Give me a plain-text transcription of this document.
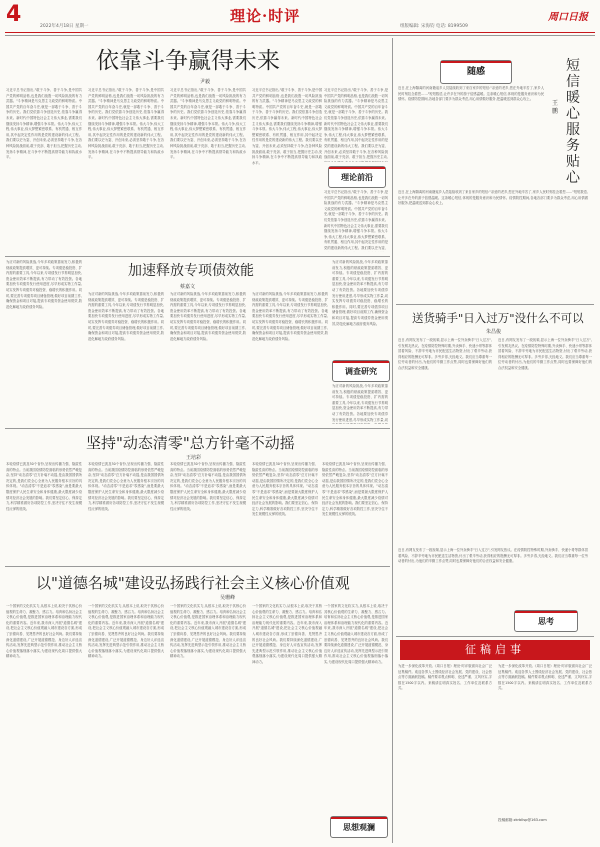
4	理论·时评
2022年4月18日 星期一	组版编辑: 宋海钧 电话: 8199509
周口日报
依靠斗争赢得未来
尹毅
习近平总书记指出,"敢于斗争、善于斗争,是中国共产党的鲜明品格,也是我们战胜一切风险挑战的有力武器。"斗争精神是马克思主义政党的鲜明特质。中国共产党的百年奋斗史,就是一部敢于斗争、善于斗争的历史。我们党依靠斗争创造历史,依靠斗争赢得未来。新时代中国特色社会主义伟大事业,需要我们继续发扬斗争精神,增强斗争本领。伟大斗争,伟大工程,伟大事业,伟大梦想紧密联系、有机贯通、相互作用,其中起决定性作用的是党的建设新的伟大工程。我们要以史为鉴、开创未来,必须坚持敢于斗争,在各种风险挑战面前,敢于亮剑、敢于担当,把握历史主动,发扬斗争精神,在斗争中不断提高领导能力和执政水平。
习近平总书记指出,"敢于斗争、善于斗争,是中国共产党的鲜明品格,也是我们战胜一切风险挑战的有力武器。"斗争精神是马克思主义政党的鲜明特质。中国共产党的百年奋斗史,就是一部敢于斗争、善于斗争的历史。我们党依靠斗争创造历史,依靠斗争赢得未来。新时代中国特色社会主义伟大事业,需要我们继续发扬斗争精神,增强斗争本领。伟大斗争,伟大工程,伟大事业,伟大梦想紧密联系、有机贯通、相互作用,其中起决定性作用的是党的建设新的伟大工程。我们要以史为鉴、开创未来,必须坚持敢于斗争,在各种风险挑战面前,敢于亮剑、敢于担当,把握历史主动,发扬斗争精神,在斗争中不断提高领导能力和执政水平。
习近平总书记指出,"敢于斗争、善于斗争,是中国共产党的鲜明品格,也是我们战胜一切风险挑战的有力武器。"斗争精神是马克思主义政党的鲜明特质。中国共产党的百年奋斗史,就是一部敢于斗争、善于斗争的历史。我们党依靠斗争创造历史,依靠斗争赢得未来。新时代中国特色社会主义伟大事业,需要我们继续发扬斗争精神,增强斗争本领。伟大斗争,伟大工程,伟大事业,伟大梦想紧密联系、有机贯通、相互作用,其中起决定性作用的是党的建设新的伟大工程。我们要以史为鉴、开创未来,必须坚持敢于斗争,在各种风险挑战面前,敢于亮剑、敢于担当,把握历史主动,发扬斗争精神,在斗争中不断提高领导能力和执政水平。
习近平总书记指出,"敢于斗争、善于斗争,是中国共产党的鲜明品格,也是我们战胜一切风险挑战的有力武器。"斗争精神是马克思主义政党的鲜明特质。中国共产党的百年奋斗史,就是一部敢于斗争、善于斗争的历史。我们党依靠斗争创造历史,依靠斗争赢得未来。新时代中国特色社会主义伟大事业,需要我们继续发扬斗争精神,增强斗争本领。伟大斗争,伟大工程,伟大事业,伟大梦想紧密联系、有机贯通、相互作用,其中起决定性作用的是党的建设新的伟大工程。我们要以史为鉴、开创未来,必须坚持敢于斗争,在各种风险挑战面前,敢于亮剑、敢于担当,把握历史主动,发扬斗争精神,在斗争中不断提高领导能力和执政水平。
习近平总书记指出,"敢于斗争、善于斗争,是中国共产党的鲜明品格,也是我们战胜一切风险挑战的有力武器。"斗争精神是马克思主义政党的鲜明特质。中国共产党的百年奋斗史,就是一部敢于斗争、善于斗争的历史。我们党依靠斗争创造历史,依靠斗争赢得未来。新时代中国特色社会主义伟大事业,需要我们继续发扬斗争精神,增强斗争本领。伟大斗争,伟大工程,伟大事业,伟大梦想紧密联系、有机贯通、相互作用,其中起决定性作用的是党的建设新的伟大工程。我们要以史为鉴、开创未来,必须坚持敢于斗争,在各种风险挑战面前,敢于亮剑、敢于担当,把握历史主动,
理论前沿
习近平总书记指出,"敢于斗争、善于斗争,是中国共产党的鲜明品格,也是我们战胜一切风险挑战的有力武器。"斗争精神是马克思主义政党的鲜明特质。中国共产党的百年奋斗史,就是一部敢于斗争、善于斗争的历史。我们党依靠斗争创造历史,依靠斗争赢得未来。新时代中国特色社会主义伟大事业,需要我们继续发扬斗争精神,增强斗争本领。伟大斗争,伟大工程,伟大事业,伟大梦想紧密联系、有机贯通、相互作用,其中起决定性作用的是党的建设新的伟大工程。我们要以史为鉴、
为应对新的风险挑战,今年多项政策靠前发力,积极的财政政策提质增效、更可持续。专项债是稳投资、扩内需的重要工具,今年以来,专项债发行节奏明显加快,资金使用效率不断提高,有力带动了有效投资。各地要加快专项债券发行使用进度,尽早形成实物工作量,切实发挥专项债券对稳投资、稳增长的积极作用。同时,要完善专项债券项目储备管理,做好项目前期工作,确保资金和项目对接,提高专项债券资金使用绩效,防范化解地方政府债务风险。
加速释放专项债效能
蔡嘉文
为应对新的风险挑战,今年多项政策靠前发力,积极的财政政策提质增效、更可持续。专项债是稳投资、扩内需的重要工具,今年以来,专项债发行节奏明显加快,资金使用效率不断提高,有力带动了有效投资。各地要加快专项债券发行使用进度,尽早形成实物工作量,切实发挥专项债券对稳投资、稳增长的积极作用。同时,要完善专项债券项目储备管理,做好项目前期工作,确保资金和项目对接,提高专项债券资金使用绩效,防范化解地方政府债务风险。
为应对新的风险挑战,今年多项政策靠前发力,积极的财政政策提质增效、更可持续。专项债是稳投资、扩内需的重要工具,今年以来,专项债发行节奏明显加快,资金使用效率不断提高,有力带动了有效投资。各地要加快专项债券发行使用进度,尽早形成实物工作量,切实发挥专项债券对稳投资、稳增长的积极作用。同时,要完善专项债券项目储备管理,做好项目前期工作,确保资金和项目对接,提高专项债券资金使用绩效,防范化解地方政府债务风险。
为应对新的风险挑战,今年多项政策靠前发力,积极的财政政策提质增效、更可持续。专项债是稳投资、扩内需的重要工具,今年以来,专项债发行节奏明显加快,资金使用效率不断提高,有力带动了有效投资。各地要加快专项债券发行使用进度,尽早形成实物工作量,切实发挥专项债券对稳投资、稳增长的积极作用。同时,要完善专项债券项目储备管理,做好项目前期工作,确保资金和项目对接,提高专项债券资金使用绩效,防范化解地方政府债务风险。
为应对新的风险挑战,今年多项政策靠前发力,积极的财政政策提质增效、更可持续。专项债是稳投资、扩内需的重要工具,今年以来,专项债发行节奏明显加快,资金使用效率不断提高,有力带动了有效投资。各地要加快专项债券发行使用进度,尽早形成实物工作量,切实发挥专项债券对稳投资、稳增长的积极作用。同时,要完善专项债券项目储备管理,做好项目前期工作,确保资金和项目对接,提高专项债券资金使用绩效,防范化解地方政府债务风险。
调查研究
为应对新的风险挑战,今年多项政策靠前发力,积极的财政政策提质增效、更可持续。专项债是稳投资、扩内需的重要工具,今年以来,专项债发行节奏明显加快,资金使用效率不断提高,有力带动了有效投资。各地要加快专项债券发行使用进度,尽早形成实物工作量,切
坚持"动态清零"总方针毫不动摇
王培彩
本轮疫情已波及30个省份,呈现出传播力强、隐匿性高的特点。当前我国疫情防控面临的形势依然严峻复杂,坚持"动态清零"总方针毫不动摇,是由我国国情所决定的,是我们党全心全意为人民服务根本宗旨的具体体现。"动态清零"不是追求"零感染",而是要最大限度保护人民生命安全和身体健康,最大限度减少疫情对经济社会发展的影响。我们要坚定信心、保持定力,科学精准做好各项防控工作,坚决守住不发生规模性反弹的底线。
本轮疫情已波及30个省份,呈现出传播力强、隐匿性高的特点。当前我国疫情防控面临的形势依然严峻复杂,坚持"动态清零"总方针毫不动摇,是由我国国情所决定的,是我们党全心全意为人民服务根本宗旨的具体体现。"动态清零"不是追求"零感染",而是要最大限度保护人民生命安全和身体健康,最大限度减少疫情对经济社会发展的影响。我们要坚定信心、保持定力,科学精准做好各项防控工作,坚决守住不发生规模性反弹的底线。
本轮疫情已波及30个省份,呈现出传播力强、隐匿性高的特点。当前我国疫情防控面临的形势依然严峻复杂,坚持"动态清零"总方针毫不动摇,是由我国国情所决定的,是我们党全心全意为人民服务根本宗旨的具体体现。"动态清零"不是追求"零感染",而是要最大限度保护人民生命安全和身体健康,最大限度减少疫情对经济社会发展的影响。我们要坚定信心、保持定力,科学精准做好各项防控工作,坚决守住不发生规模性反弹的底线。
本轮疫情已波及30个省份,呈现出传播力强、隐匿性高的特点。当前我国疫情防控面临的形势依然严峻复杂,坚持"动态清零"总方针毫不动摇,是由我国国情所决定的,是我们党全心全意为人民服务根本宗旨的具体体现。"动态清零"不是追求"零感染",而是要最大限度保护人民生命安全和身体健康,最大限度减少疫情对经济社会发展的影响。我们要坚定信心、保持定力,科学精准做好各项防控工作,坚决守住不发生规模性反弹的底线。
本轮疫情已波及30个省份,呈现出传播力强、隐匿性高的特点。当前我国疫情防控面临的形势依然严峻复杂,坚持"动态清零"总方针毫不动摇,是由我国国情所决定的,是我们党全心全意为人民服务根本宗旨的具体体现。"动态清零"不是追求"零感染",而是要最大限度保护人民生命安全和身体健康,最大限度减少疫情对经济社会发展的影响。我们要坚定信心、保持定力,科学精准做好各项防控工作,坚决守住不发生规模性反弹的底线。
以"道德名城"建设弘扬践行社会主义核心价值观
吴珊峰
一个国家的文化软实力,从根本上说,取决于其核心价值观的生命力、凝聚力、感召力。培育和弘扬社会主义核心价值观,是推进国家治理体系和治理能力现代化的重要内容。近年来,我市深入开展"道德名城"建设,把社会主义核心价值观融入城市建设各方面,形成了崇德向善、见贤思齐的良好社会风尚。我们要持续深化道德建设,广泛开展道德模范、身边好人评选宣传活动,发挥先进典型示范引领作用,推动社会主义核心价值观落细落小落实,为建设现代化周口提供强大精神动力。
一个国家的文化软实力,从根本上说,取决于其核心价值观的生命力、凝聚力、感召力。培育和弘扬社会主义核心价值观,是推进国家治理体系和治理能力现代化的重要内容。近年来,我市深入开展"道德名城"建设,把社会主义核心价值观融入城市建设各方面,形成了崇德向善、见贤思齐的良好社会风尚。我们要持续深化道德建设,广泛开展道德模范、身边好人评选宣传活动,发挥先进典型示范引领作用,推动社会主义核心价值观落细落小落实,为建设现代化周口提供强大精神动力。
一个国家的文化软实力,从根本上说,取决于其核心价值观的生命力、凝聚力、感召力。培育和弘扬社会主义核心价值观,是推进国家治理体系和治理能力现代化的重要内容。近年来,我市深入开展"道德名城"建设,把社会主义核心价值观融入城市建设各方面,形成了崇德向善、见贤思齐的良好社会风尚。我们要持续深化道德建设,广泛开展道德模范、身边好人评选宣传活动,发挥先进典型示范引领作用,推动社会主义核心价值观落细落小落实,为建设现代化周口提供强大精神动力。
一个国家的文化软实力,从根本上说,取决于其核心价值观的生命力、凝聚力、感召力。培育和弘扬社会主义核心价值观,是推进国家治理体系和治理能力现代化的重要内容。近年来,我市深入开展"道德名城"建设,把社会主义核心价值观融入城市建设各方面,形成了崇德向善、见贤思齐的良好社会风尚。我们要持续深化道德建设,广泛开展道德模范、身边好人评选宣传活动,发挥先进典型示范引领作用,推动社会主义核心价值观落细落小落实,为建设现代化周口提供强大精神动力。
一个国家的文化软实力,从根本上说,取决于其核心价值观的生命力、凝聚力、感召力。培育和弘扬社会主义核心价值观,是推进国家治理体系和治理能力现代化的重要内容。近年来,我市深入开展"道德名城"建设,把社会主义核心价值观融入城市建设各方面,形成了崇德向善、见贤思齐的良好社会风尚。我们要持续深化道德建设,广泛开展道德模范、身边好人评选宣传活动,发挥先进典型示范引领作用,推动社会主义核心价值观落细落小落实,为建设现代化周口提供强大精神动力。
思想观澜
随感	短信暖心 服务贴心
王鹏
近日,在上海隔离的河南籍返乡人员陆续收到了来自家乡的短信:"亲爱的老乡,您在外地辛苦了,家乡人民时刻挂念着您……"短短数语,让许多在外的游子倍感温暖。这条暖心短信,体现的是服务意识和为民情怀。疫情防控期间,各地各部门要多为群众考虑,用心用情做好服务,把温暖送到群众心坎上。
近日,在上海隔离的河南籍返乡人员陆续收到了来自家乡的短信:"亲爱的老乡,您在外地辛苦了,家乡人民时刻挂念着您……"短短数语,让许多在外的游子倍感温暖。这条暖心短信,体现的是服务意识和为民情怀。疫情防控期间,各地各部门要多为群众考虑,用心用情做好服务,把温暖送到群众心坎上。
送货骑手"日入过万"没什么不可以
朱昌俊
近日,有网友发布了一段视频,显示上海一位外卖骑手"日入过万",引发网友热议。在疫情防控特殊时期,外卖骑手、快递小哥等群体冒着风险、不辞辛劳地为市民配送生活物资,付出了艰辛劳动,获得相应的报酬无可厚非。多劳多得,天经地义。我们应当尊重每一位劳动者的付出,为他们的辛勤工作点赞,同时也要保障好他们的合法权益和安全健康。
近日,有网友发布了一段视频,显示上海一位外卖骑手"日入过万",引发网友热议。在疫情防控特殊时期,外卖骑手、快递小哥等群体冒着风险、不辞辛劳地为市民配送生活物资,付出了艰辛劳动,获得相应的报酬无可厚非。多劳多得,天经地义。我们应当尊重每一位劳动者的付出,为他们的辛勤工作点赞,同时也要保障好他们的合法权益和安全健康。
近日,有网友发布了一段视频,显示上海一位外卖骑手"日入过万",引发网友热议。在疫情防控特殊时期,外卖骑手、快递小哥等群体冒着风险、不辞辛劳地为市民配送生活物资,付出了艰辛劳动,获得相应的报酬无可厚非。多劳多得,天经地义。我们应当尊重每一位劳动者的付出,为他们的辛勤工作点赞,同时也要保障好他们的合法权益和安全健康。
思考
征稿启事
为进一步深化改革开放,《周口日报》理论·时评版面向社会广泛征集稿件。欢迎各界人士围绕经济社会发展、党的建设、社会热点等方面踊跃投稿。稿件要求观点鲜明、论述严谨、文风朴实,字数在1500字以内。来稿请注明真实姓名、工作单位及联系方式。
为进一步深化改革开放,《周口日报》理论·时评版面向社会广泛征集稿件。欢迎各界人士围绕经济社会发展、党的建设、社会热点等方面踊跃投稿。稿件要求观点鲜明、论述严谨、文风朴实,字数在1500字以内。来稿请注明真实姓名、工作单位及联系方式。
投稿邮箱:zkrbllsp@163.com
